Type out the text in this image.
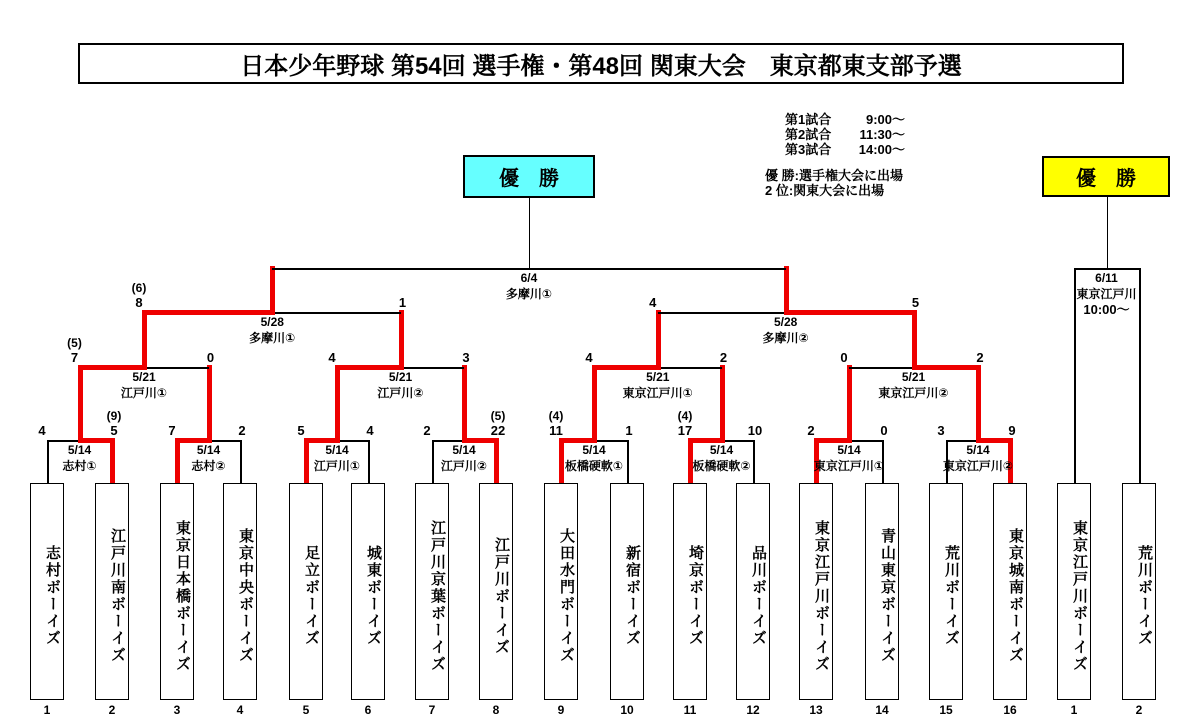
日本少年野球 第54回 選手権・第48回 関東大会　東京都東支部予選
第1試合	9:00～
第2試合	11:30～
第3試合	14:00～
優 勝:選手権大会に出場
2 位:関東大会に出場
優　勝	優　勝
志村ボーイズ
1
江戸川南ボーイズ
2
東京日本橋ボーイズ
3
東京中央ボーイズ
4
足立ボーイズ
5
城東ボーイズ
6
江戸川京葉ボーイズ
7
江戸川ボーイズ
8
大田水門ボーイズ
9
新宿ボーイズ
10
埼京ボーイズ
11
品川ボーイズ
12
東京江戸川ボーイズ
13
青山東京ボーイズ
14
荒川ボーイズ
15
東京城南ボーイズ
16
4	5
(9)
5/14
志村①
7	2
5/14
志村②
5	4
5/14
江戸川①
2	22
(5)
5/14
江戸川②
11	1
(4)
5/14
板橋硬軟①
17	10
(4)
5/14
板橋硬軟②
2	0
5/14
東京江戸川①
3	9
5/14
東京江戸川②
7	0
(5)
5/21
江戸川①
4	3
5/21
江戸川②
4	2
5/21
東京江戸川①
0	2
5/21
東京江戸川②
8	1
(6)
5/28
多摩川①
4	5
5/28
多摩川②
6/4
多摩川①
東京江戸川ボーイズ
1
荒川ボーイズ
2
6/11
東京江戸川
10:00～
